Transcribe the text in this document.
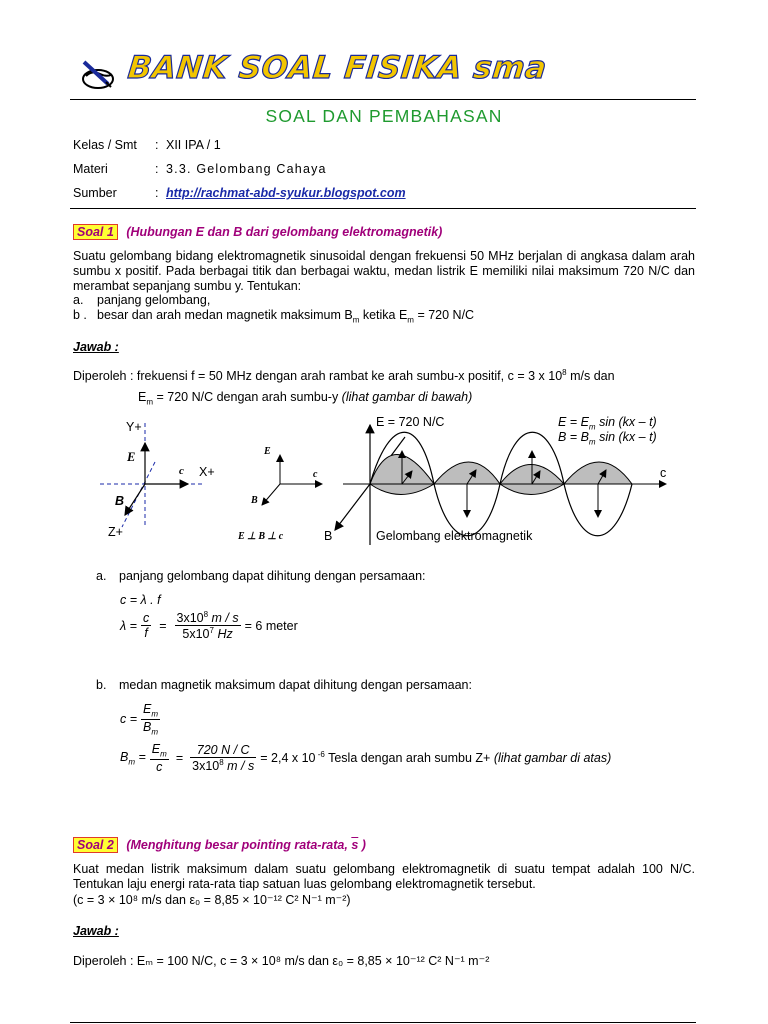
BANK SOAL FISIKA sma
SOAL DAN PEMBAHASAN
Kelas / Smt : XII IPA / 1
Materi	: 3.3. Gelombang Cahaya
Sumber	: http://rachmat-abd-syukur.blogspot.com
Soal 1 (Hubungan E dan B dari gelombang elektromagnetik)
Suatu gelombang bidang elektromagnetik sinusoidal dengan frekuensi 50 MHz berjalan di angkasa dalam arah sumbu x positif. Pada berbagai titik dan berbagai waktu, medan listrik E memiliki nilai maksimum 720 N/C dan merambat sepanjang sumbu y. Tentukan:
a. panjang gelombang,
b . besar dan arah medan magnetik maksimum $B_m$ ketika $E_m = 720$ N/C
Jawab :
Diperoleh : frekuensi f = 50 MHz dengan arah rambat ke arah sumbu-x positif, c = 3 x $10^8$ m/s dan
$E_m = 720$ N/C dengan arah sumbu-y (lihat gambar di bawah)
Y+
X+
Z+
E
c
B
E
c
B
E ⊥ B ⊥ c
E = 720 N/C	$E = E_m$ sin (kx – t)
$B = B_m$ sin (kx – t)
c
B	Gelombang elektromagnetik
a. panjang gelombang dapat dihitung dengan persamaan:
c = λ . f
$\lambda = \frac{c}{f} = \frac{3x10^8 m / s}{5x10^7 Hz} = 6$ meter
b. medan magnetik maksimum dapat dihitung dengan persamaan:
$c = \frac{E_m}{B_m}$
$B_m = \frac{E_m}{c} = \frac{720 N / C}{3x10^8 m / s} = 2,4$ x 10 $^{-6}$ Tesla dengan arah sumbu Z+ (lihat gambar di atas)
Soal 2 (Menghitung besar pointing rata-rata, $\overline{s}$ )
Kuat medan listrik maksimum dalam suatu gelombang elektromagnetik di suatu tempat adalah 100 N/C. Tentukan laju energi rata-rata tiap satuan luas gelombang elektromagnetik tersebut.
(c = 3 × 10⁸ m/s dan ε₀ = 8,85 × 10⁻¹² C² N⁻¹ m⁻²)
Jawab :
Diperoleh : Eₘ = 100 N/C, c = 3 × 10⁸ m/s dan ε₀ = 8,85 × 10⁻¹² C² N⁻¹ m⁻²
